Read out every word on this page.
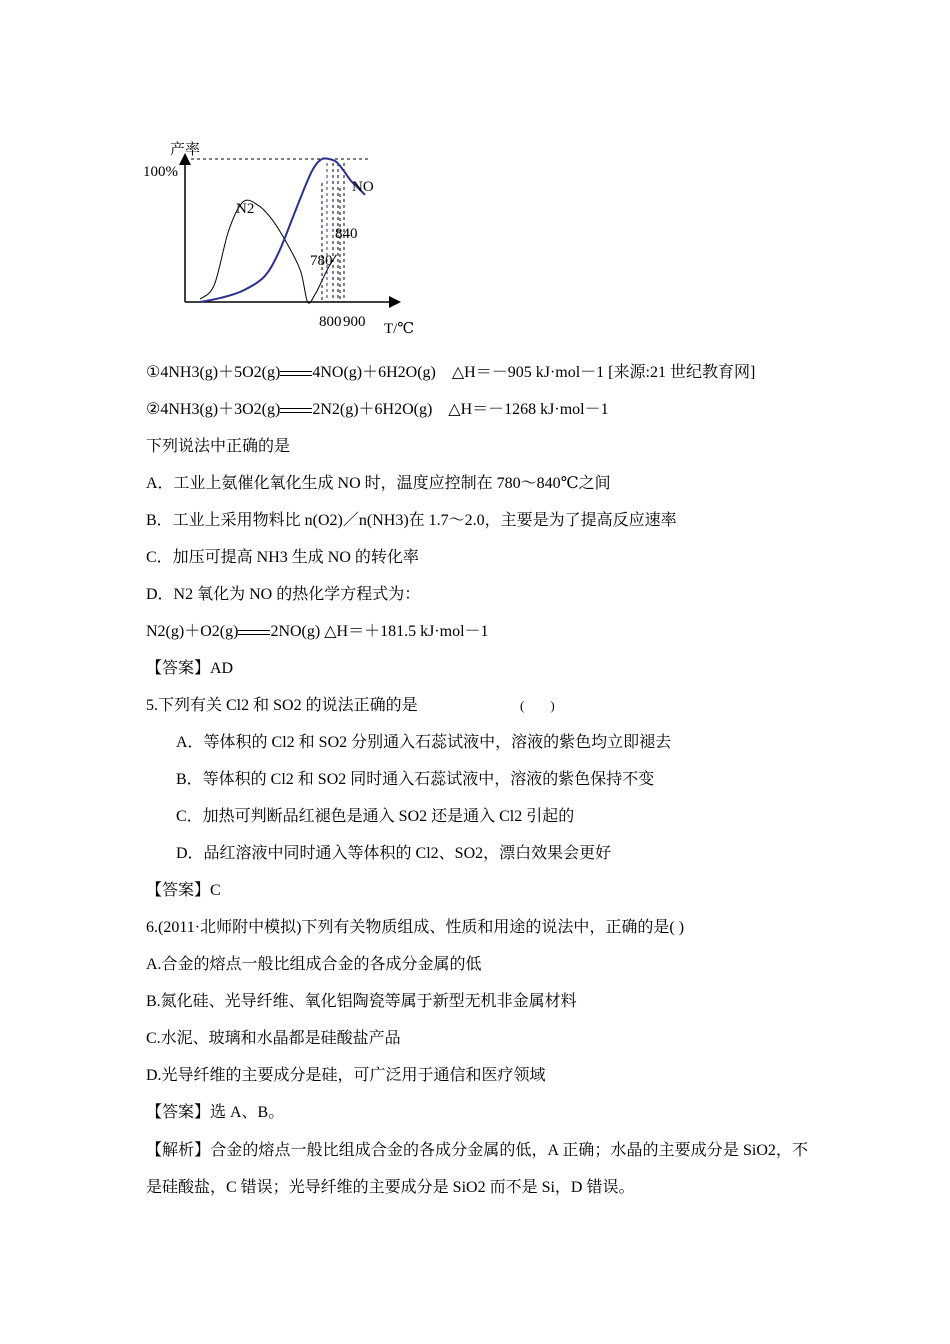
产率
100%
N2
NO
780
840
800 900 T/℃
①4NH3(g)＋5O2(g) 4NO(g)＋6H2O(g)　△H＝－905 kJ·mol－1 [来源:21 世纪教育网]
②4NH3(g)＋3O2(g) 2N2(g)＋6H2O(g)　△H＝－1268 kJ·mol－1
下列说法中正确的是
A．工业上氨催化氧化生成 NO 时，温度应控制在 780～840℃之间
B．工业上采用物料比 n(O2)／n(NH3)在 1.7～2.0，主要是为了提高反应速率
C．加压可提高 NH3 生成 NO 的转化率
D．N2 氧化为 NO 的热化学方程式为：
N2(g)＋O2(g) 2NO(g) △H＝＋181.5 kJ·mol－1
【答案】AD
5.下列有关 Cl2 和 SO2 的说法正确的是	(　　)
A．等体积的 Cl2 和 SO2 分别通入石蕊试液中，溶液的紫色均立即褪去
B．等体积的 Cl2 和 SO2 同时通入石蕊试液中，溶液的紫色保持不变
C．加热可判断品红褪色是通入 SO2 还是通入 Cl2 引起的
D．品红溶液中同时通入等体积的 Cl2、SO2，漂白效果会更好
【答案】C
6.(2011·北师附中模拟)下列有关物质组成、性质和用途的说法中，正确的是( )
A.合金的熔点一般比组成合金的各成分金属的低
B.氮化硅、光导纤维、氧化铝陶瓷等属于新型无机非金属材料
C.水泥、玻璃和水晶都是硅酸盐产品
D.光导纤维的主要成分是硅，可广泛用于通信和医疗领域
【答案】选 A、B。
【解析】合金的熔点一般比组成合金的各成分金属的低，A 正确；水晶的主要成分是 SiO2，不是硅酸盐，C 错误；光导纤维的主要成分是 SiO2 而不是 Si，D 错误。
